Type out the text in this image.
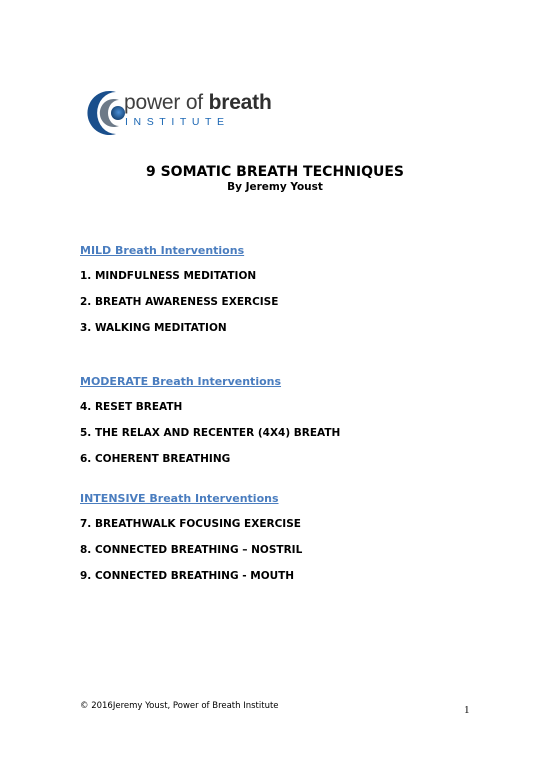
power of breath
INSTITUTE
9 SOMATIC BREATH TECHNIQUES
By Jeremy Youst
MILD Breath Interventions
1. MINDFULNESS MEDITATION
2. BREATH AWARENESS EXERCISE
3. WALKING MEDITATION
MODERATE Breath Interventions
4. RESET BREATH
5. THE RELAX AND RECENTER (4X4) BREATH
6. COHERENT BREATHING
INTENSIVE Breath Interventions
7. BREATHWALK FOCUSING EXERCISE
8. CONNECTED BREATHING – NOSTRIL
9. CONNECTED BREATHING - MOUTH
© 2016Jeremy Youst, Power of Breath Institute	1
